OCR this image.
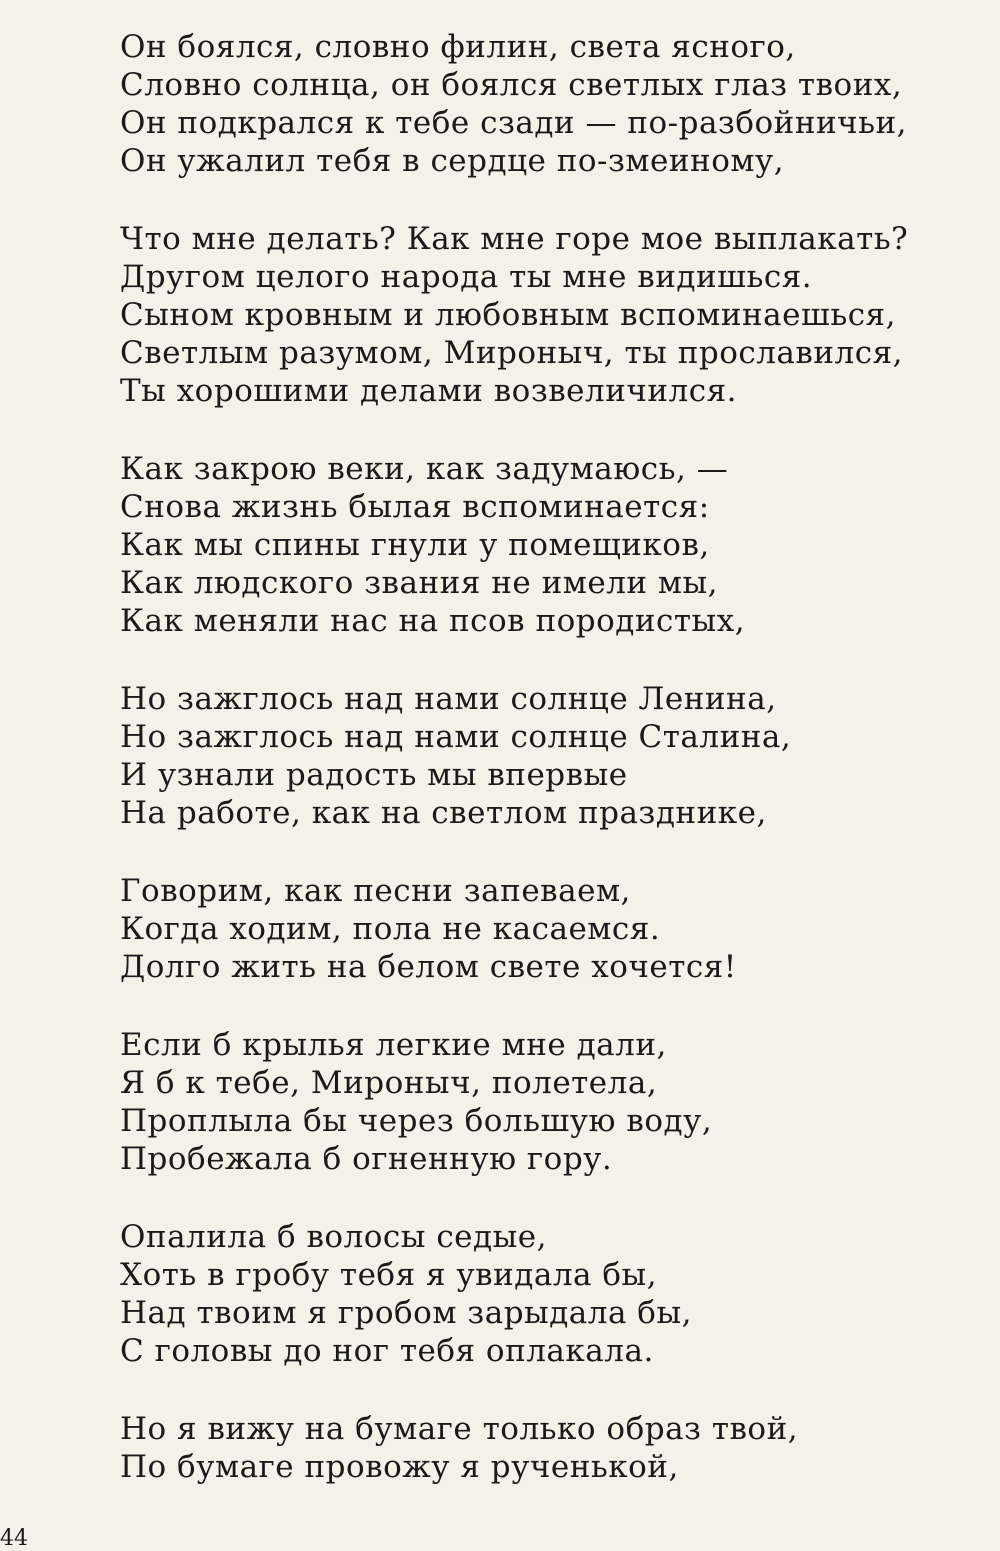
Он боялся, словно филин, света ясного,
Словно солнца, он боялся светлых глаз твоих,
Он подкрался к тебе сзади — по-разбойничьи,
Он ужалил тебя в сердце по-змеиному,
Что мне делать? Как мне горе мое выплакать?
Другом целого народа ты мне видишься.
Сыном кровным и любовным вспоминаешься,
Светлым разумом, Мироныч, ты прославился,
Ты хорошими делами возвеличился.
Как закрою веки, как задумаюсь, —
Снова жизнь былая вспоминается:
Как мы спины гнули у помещиков,
Как людского звания не имели мы,
Как меняли нас на псов породистых,
Но зажглось над нами солнце Ленина,
Но зажглось над нами солнце Сталина,
И узнали радость мы впервые
На работе, как на светлом празднике,
Говорим, как песни запеваем,
Когда ходим, пола не касаемся.
Долго жить на белом свете хочется!
Если б крылья легкие мне дали,
Я б к тебе, Мироныч, полетела,
Проплыла бы через большую воду,
Пробежала б огненную гору.
Опалила б волосы седые,
Хоть в гробу тебя я увидала бы,
Над твоим я гробом зарыдала бы,
С головы до ног тебя оплакала.
Но я вижу на бумаге только образ твой,
По бумаге провожу я рученькой,
44
